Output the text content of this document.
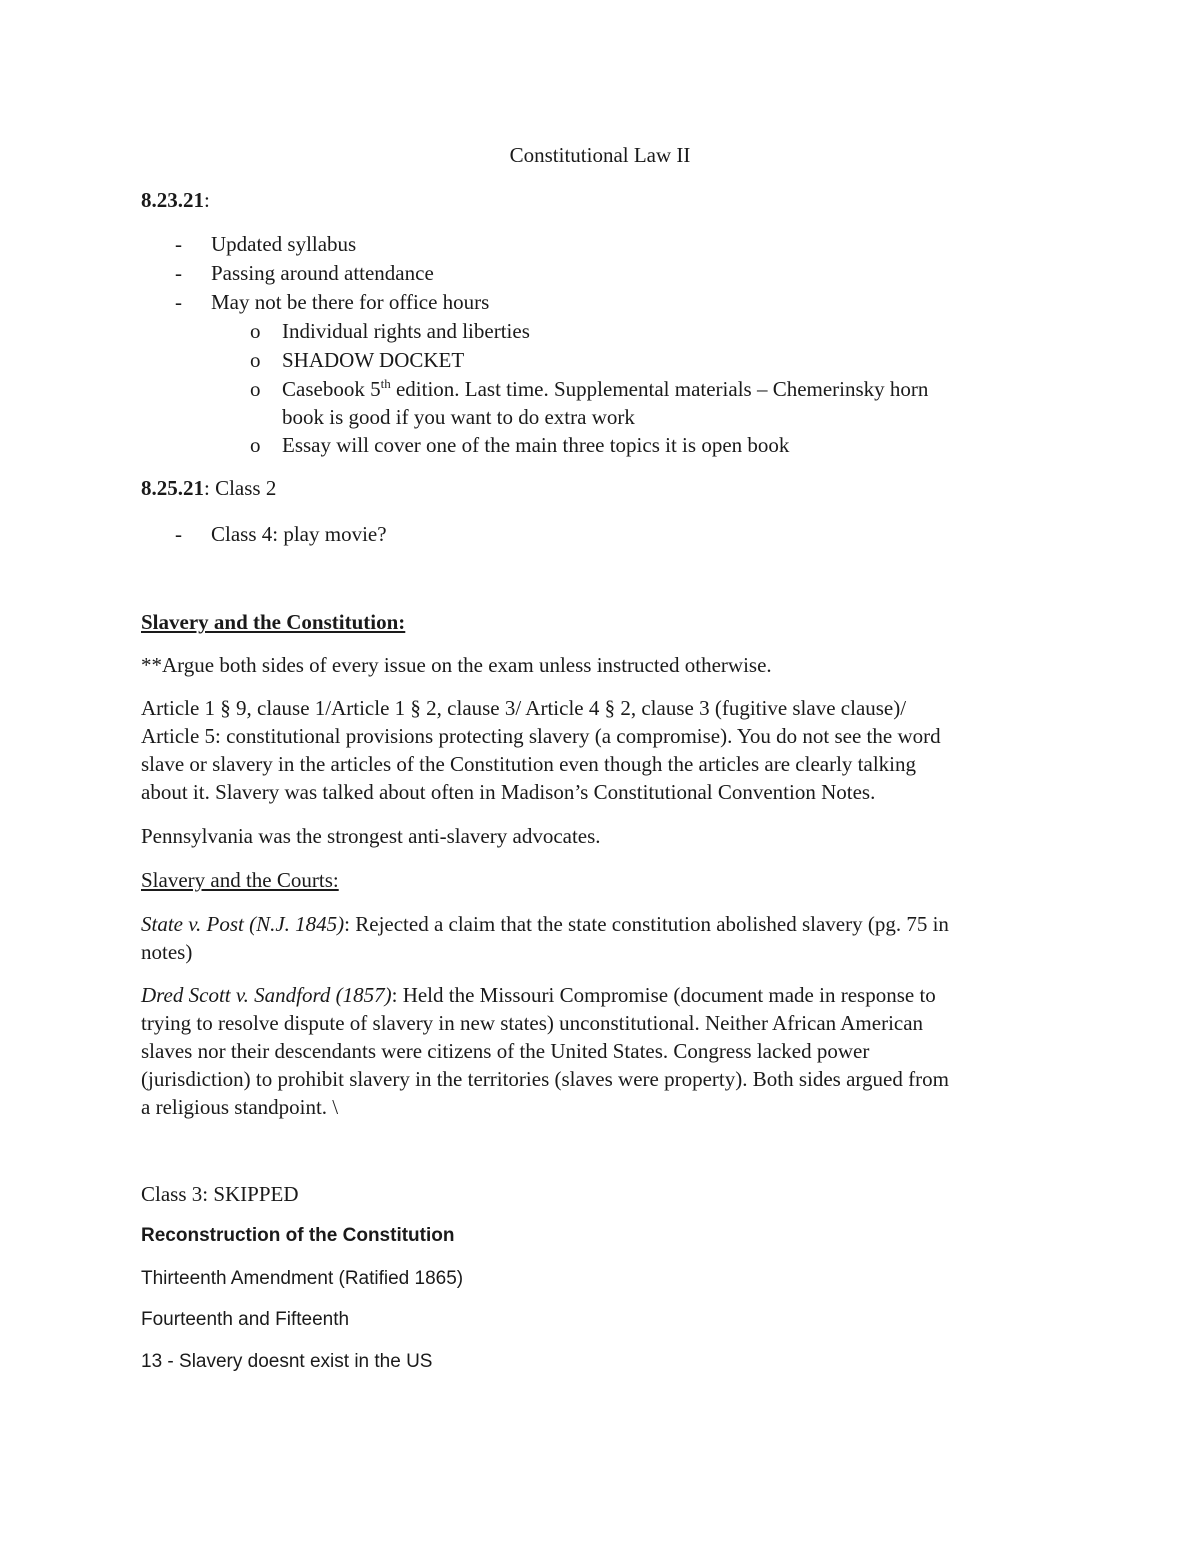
Constitutional Law II
8.23.21:
- Updated syllabus
- Passing around attendance
- May not be there for office hours
o Individual rights and liberties
o SHADOW DOCKET
o Casebook 5th edition. Last time. Supplemental materials – Chemerinsky horn
book is good if you want to do extra work
o Essay will cover one of the main three topics it is open book
8.25.21: Class 2
- Class 4: play movie?
Slavery and the Constitution:
**Argue both sides of every issue on the exam unless instructed otherwise.
Article 1 § 9, clause 1/Article 1 § 2, clause 3/ Article 4 § 2, clause 3 (fugitive slave clause)/
Article 5: constitutional provisions protecting slavery (a compromise). You do not see the word
slave or slavery in the articles of the Constitution even though the articles are clearly talking
about it. Slavery was talked about often in Madison’s Constitutional Convention Notes.
Pennsylvania was the strongest anti-slavery advocates.
Slavery and the Courts:
State v. Post (N.J. 1845): Rejected a claim that the state constitution abolished slavery (pg. 75 in
notes)
Dred Scott v. Sandford (1857): Held the Missouri Compromise (document made in response to
trying to resolve dispute of slavery in new states) unconstitutional. Neither African American
slaves nor their descendants were citizens of the United States. Congress lacked power
(jurisdiction) to prohibit slavery in the territories (slaves were property). Both sides argued from
a religious standpoint. \
Class 3: SKIPPED
Reconstruction of the Constitution
Thirteenth Amendment (Ratified 1865)
Fourteenth and Fifteenth
13 - Slavery doesnt exist in the US
